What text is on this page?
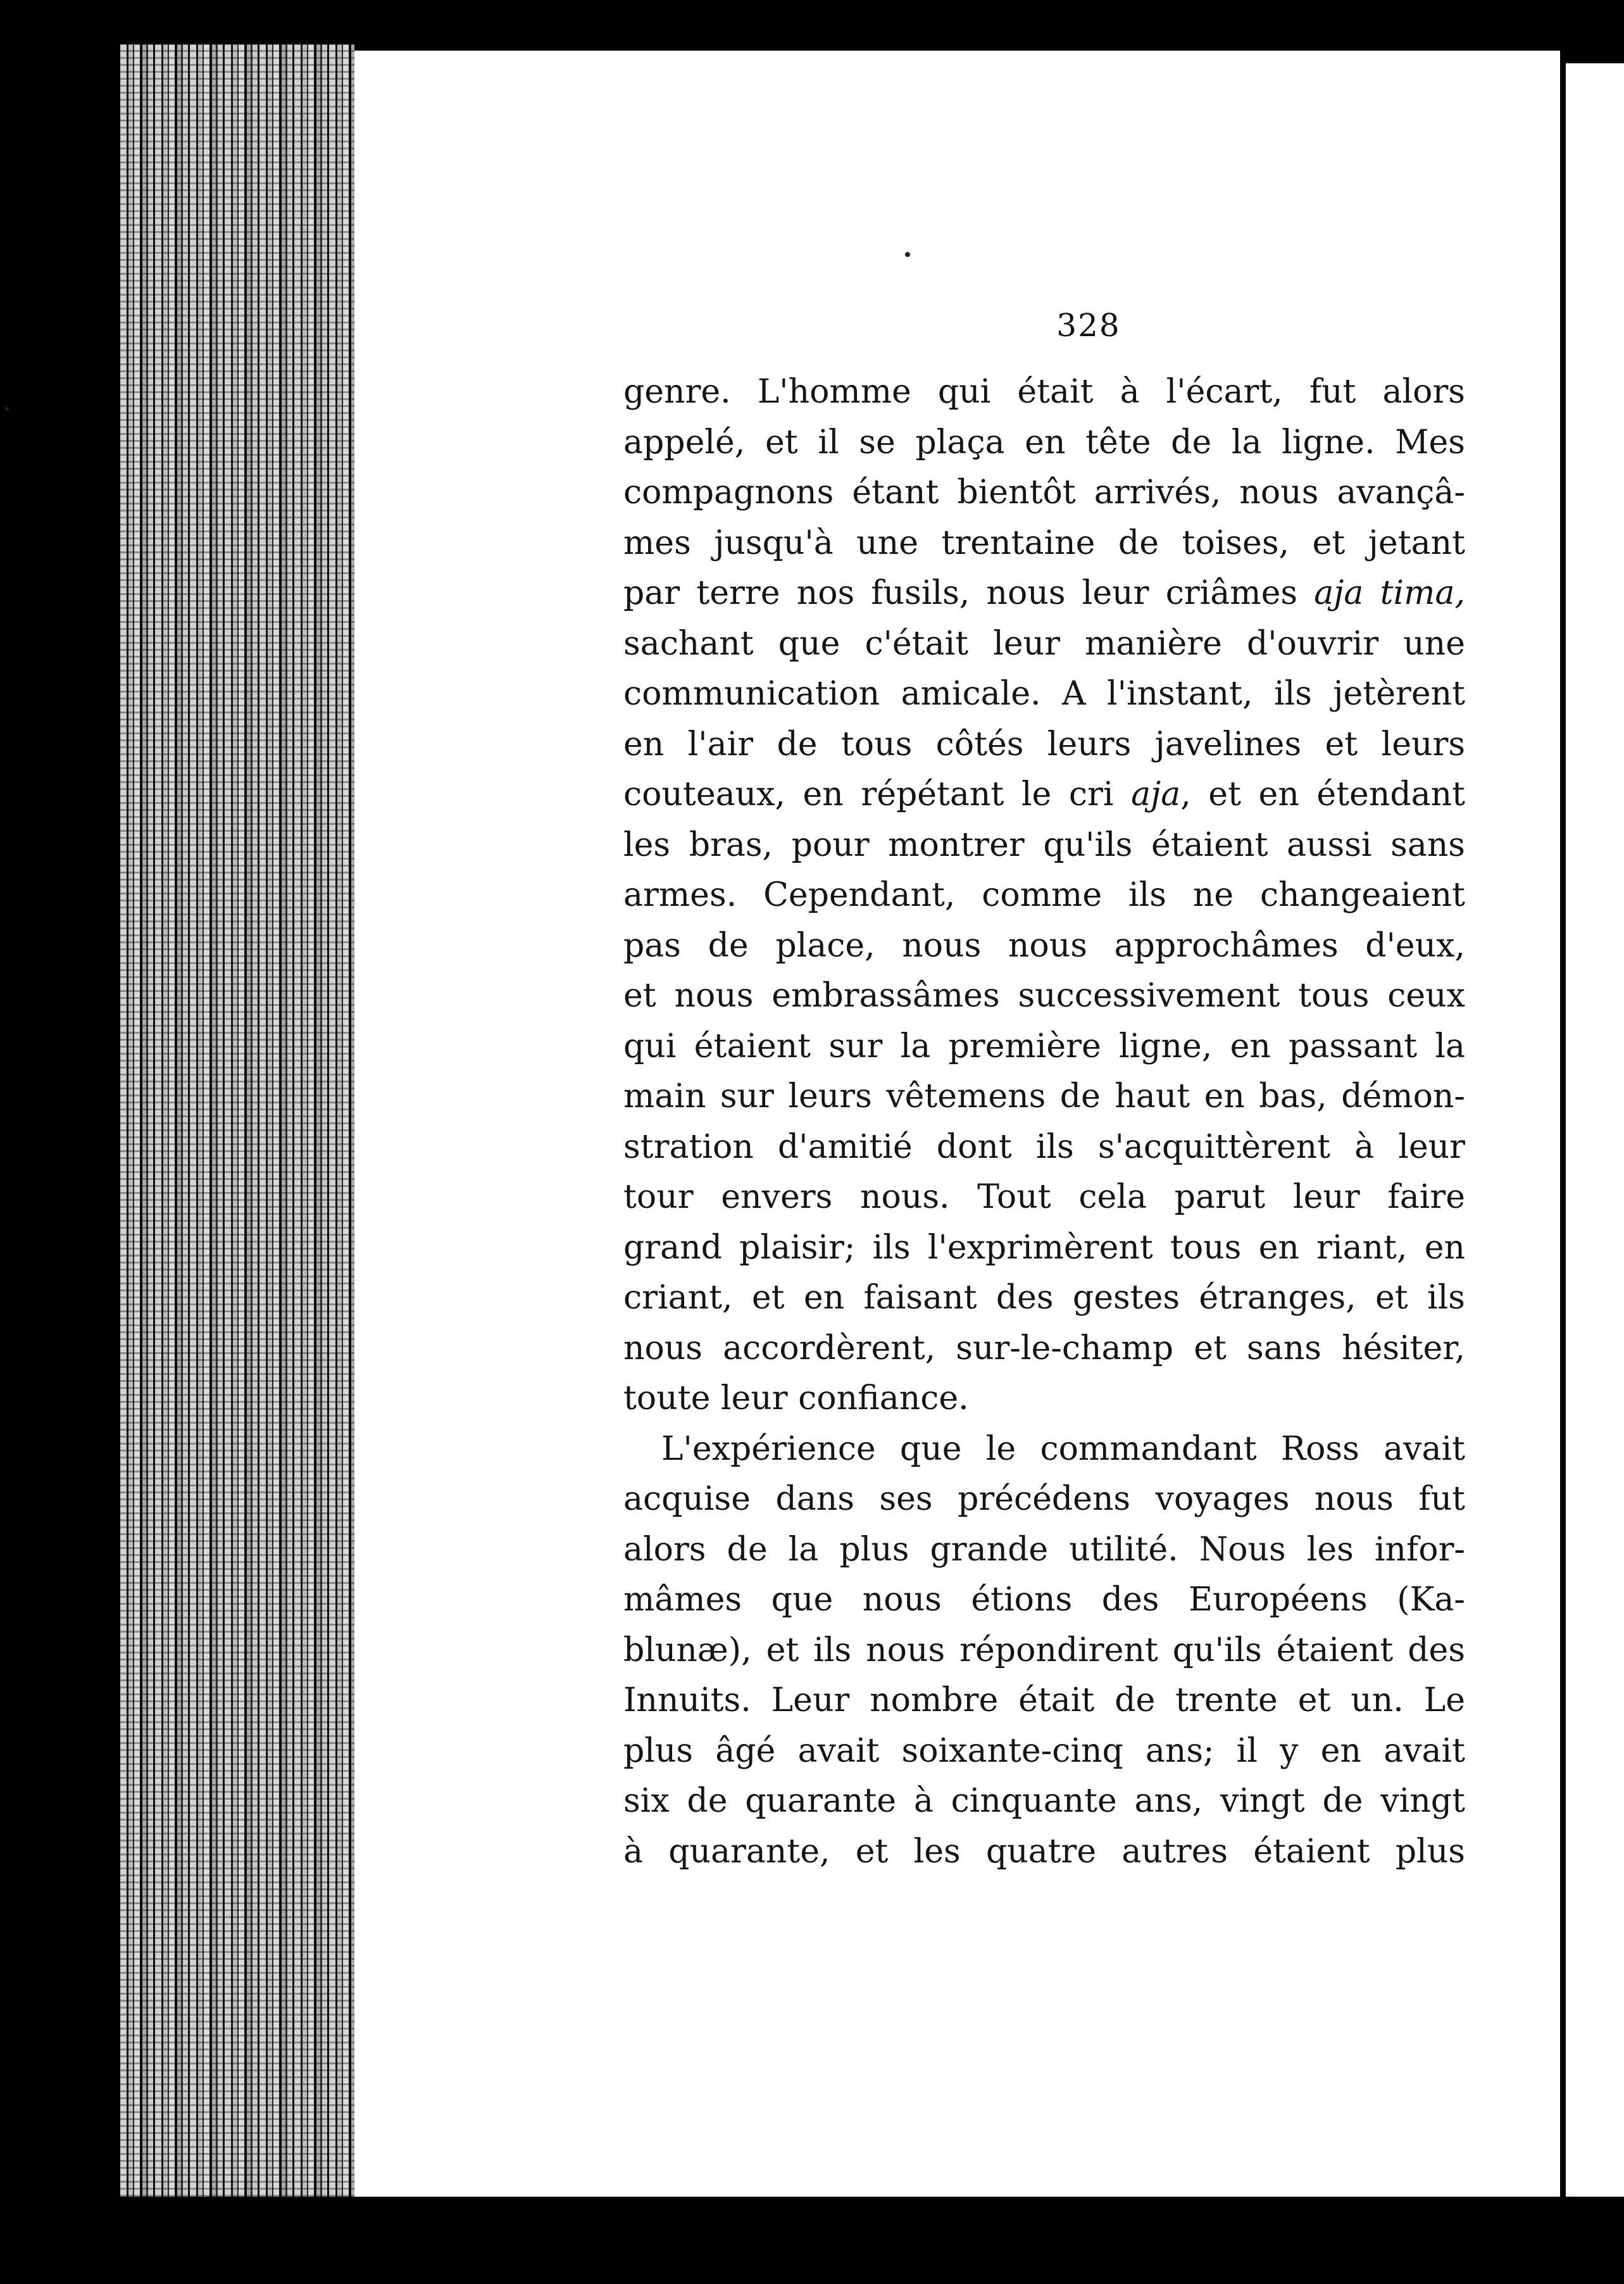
328
genre. L'homme qui était à l'écart, fut alors
appelé, et il se plaça en tête de la ligne. Mes
compagnons étant bientôt arrivés, nous avançâ-
mes jusqu'à une trentaine de toises, et jetant
par terre nos fusils, nous leur criâmes aja tima,
sachant que c'était leur manière d'ouvrir une
communication amicale. A l'instant, ils jetèrent
en l'air de tous côtés leurs javelines et leurs
couteaux, en répétant le cri aja, et en étendant
les bras, pour montrer qu'ils étaient aussi sans
armes. Cependant, comme ils ne changeaient
pas de place, nous nous approchâmes d'eux,
et nous embrassâmes successivement tous ceux
qui étaient sur la première ligne, en passant la
main sur leurs vêtemens de haut en bas, démon-
stration d'amitié dont ils s'acquittèrent à leur
tour envers nous. Tout cela parut leur faire
grand plaisir; ils l'exprimèrent tous en riant, en
criant, et en faisant des gestes étranges, et ils
nous accordèrent, sur-le-champ et sans hésiter,
toute leur confiance.
L'expérience que le commandant Ross avait
acquise dans ses précédens voyages nous fut
alors de la plus grande utilité. Nous les infor-
mâmes que nous étions des Européens (Ka-
blunæ), et ils nous répondirent qu'ils étaient des
Innuits. Leur nombre était de trente et un. Le
plus âgé avait soixante-cinq ans; il y en avait
six de quarante à cinquante ans, vingt de vingt
à quarante, et les quatre autres étaient plus
